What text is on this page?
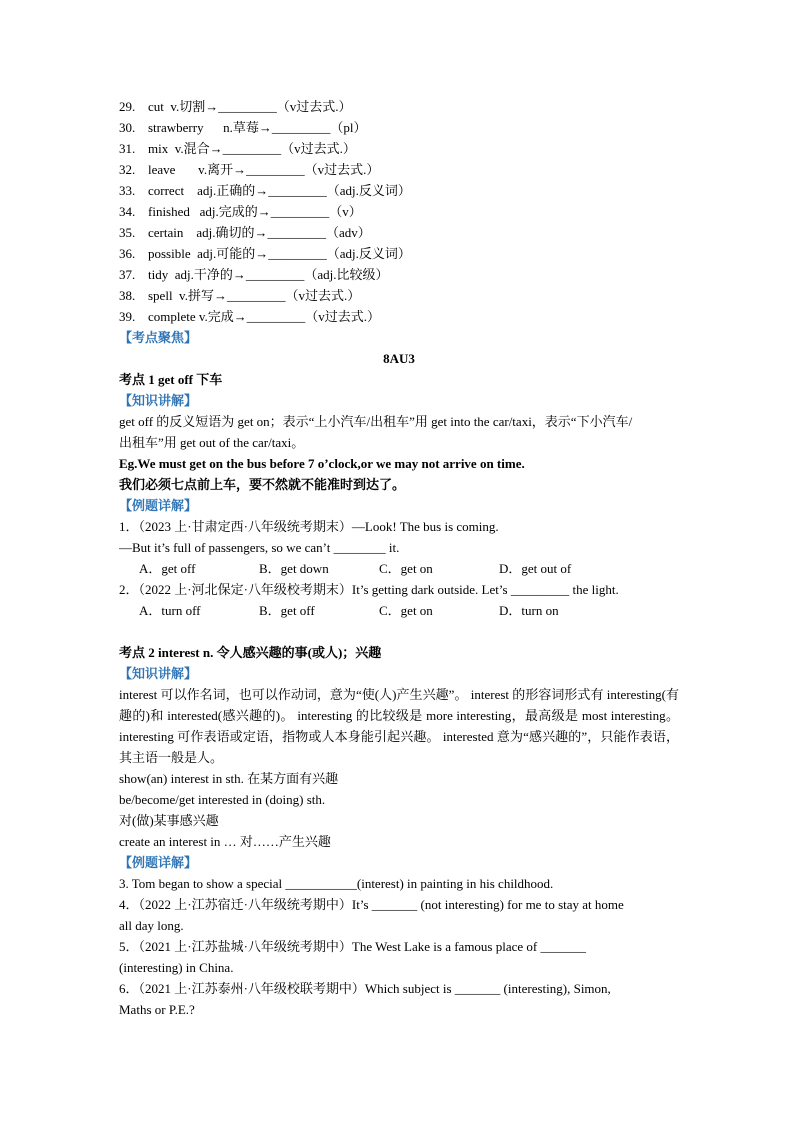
29. cut  v.切割→_________（v过去式.）
30. strawberry      n.草莓→_________（pl）
31. mix  v.混合→_________（v过去式.）
32. leave       v.离开→_________（v过去式.）
33. correct    adj.正确的→_________（adj.反义词）
34. finished   adj.完成的→_________（v）
35. certain    adj.确切的→_________（adv）
36. possible  adj.可能的→_________（adj.反义词）
37. tidy  adj.干净的→_________（adj.比较级）
38. spell  v.拼写→_________（v过去式.）
39. complete v.完成→_________（v过去式.）
【考点聚焦】
8AU3
考点 1 get off 下车
【知识讲解】
get off 的反义短语为 get on；表示“上小汽车/出租车”用 get into the car/taxi，表示“下小汽车/
出租车”用 get out of the car/taxi。
Eg.We must get on the bus before 7 o’clock,or we may not arrive on time.
我们必须七点前上车，要不然就不能准时到达了。
【例题详解】
1．（2023 上·甘肃定西·八年级统考期末）—Look! The bus is coming.
—But it’s full of passengers, so we can’t ________ it.
A．get off	B．get down	C．get on	D．get out of
2．（2022 上·河北保定·八年级校考期末）It’s getting dark outside. Let’s _________ the light.
A．turn off	B．get off	C．get on	D．turn on
考点 2 interest n. 令人感兴趣的事(或人)；兴趣
【知识讲解】
interest 可以作名词，也可以作动词，意为“使(人)产生兴趣”。 interest 的形容词形式有 interesting(有趣的)和 interested(感兴趣的)。 interesting 的比较级是 more interesting，最高级是 most interesting。 interesting 可作表语或定语，指物或人本身能引起兴趣。 interested 意为“感兴趣的”，只能作表语，其主语一般是人。
show(an) interest in sth. 在某方面有兴趣
be/become/get interested in (doing) sth.
对(做)某事感兴趣
create an interest in … 对……产生兴趣
【例题详解】
3. Tom began to show a special ___________(interest) in painting in his childhood.
4．（2022 上·江苏宿迁·八年级统考期中）It’s _______ (not interesting) for me to stay at home
all day long.
5．（2021 上·江苏盐城·八年级统考期中）The West Lake is a famous place of _______
(interesting) in China.
6．（2021 上·江苏泰州·八年级校联考期中）Which subject is _______ (interesting), Simon,
Maths or P.E.?
